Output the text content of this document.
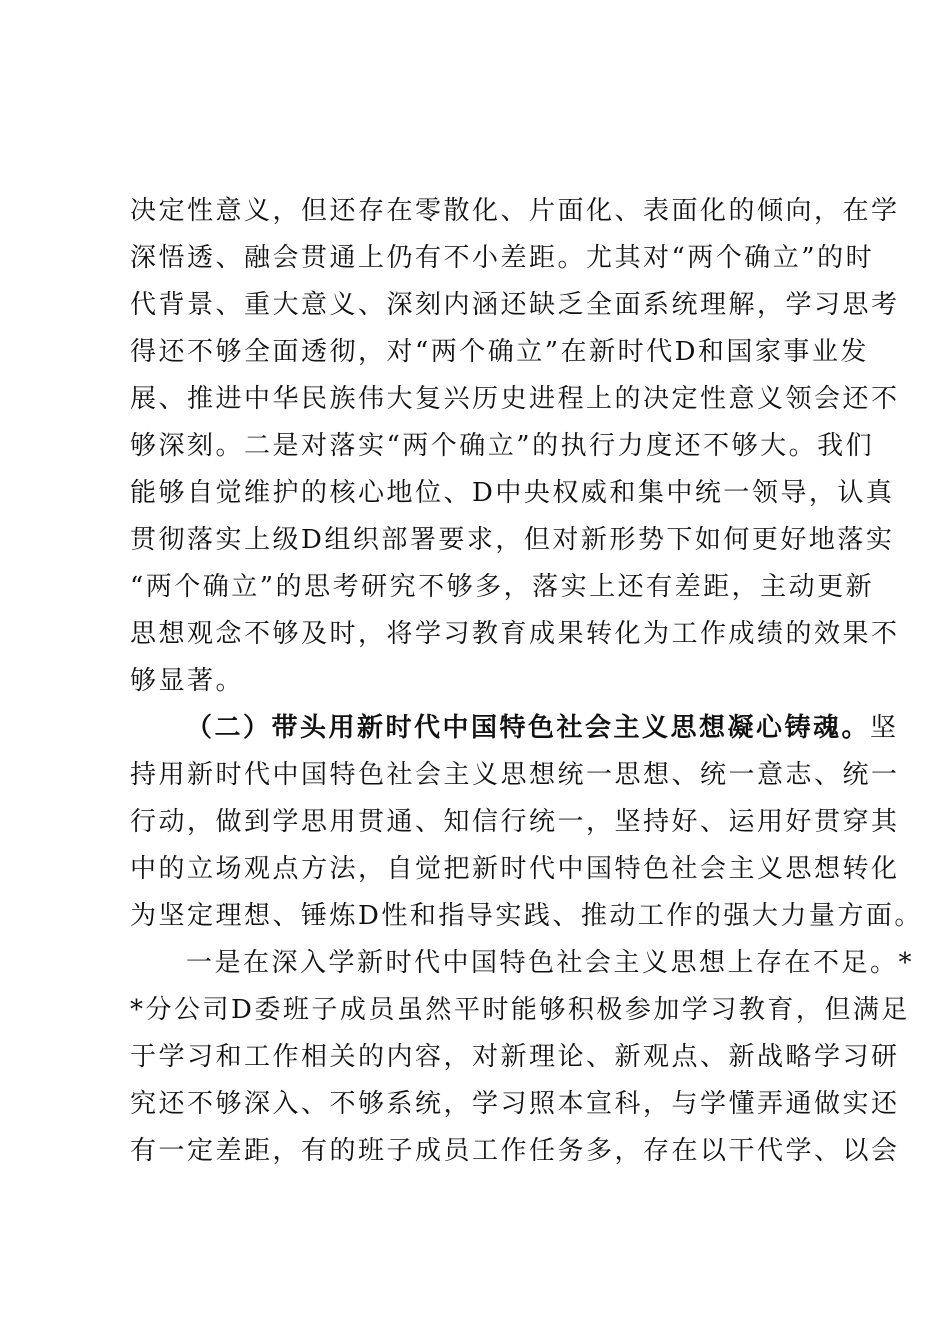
决定性意义，但还存在零散化、片面化、表面化的倾向，在学
深悟透、融会贯通上仍有不小差距。尤其对“两个确立”的时
代背景、重大意义、深刻内涵还缺乏全面系统理解，学习思考
得还不够全面透彻，对“两个确立”在新时代D和国家事业发
展、推进中华民族伟大复兴历史进程上的决定性意义领会还不
够深刻。二是对落实“两个确立”的执行力度还不够大。我们
能够自觉维护的核心地位、D中央权威和集中统一领导，认真
贯彻落实上级D组织部署要求，但对新形势下如何更好地落实
“两个确立”的思考研究不够多，落实上还有差距，主动更新
思想观念不够及时，将学习教育成果转化为工作成绩的效果不
够显著。
（二）带头用新时代中国特色社会主义思想凝心铸魂。坚
持用新时代中国特色社会主义思想统一思想、统一意志、统一
行动，做到学思用贯通、知信行统一，坚持好、运用好贯穿其
中的立场观点方法，自觉把新时代中国特色社会主义思想转化
为坚定理想、锤炼D性和指导实践、推动工作的强大力量方面。
一是在深入学新时代中国特色社会主义思想上存在不足。*
*分公司D委班子成员虽然平时能够积极参加学习教育，但满足
于学习和工作相关的内容，对新理论、新观点、新战略学习研
究还不够深入、不够系统，学习照本宣科，与学懂弄通做实还
有一定差距，有的班子成员工作任务多，存在以干代学、以会
